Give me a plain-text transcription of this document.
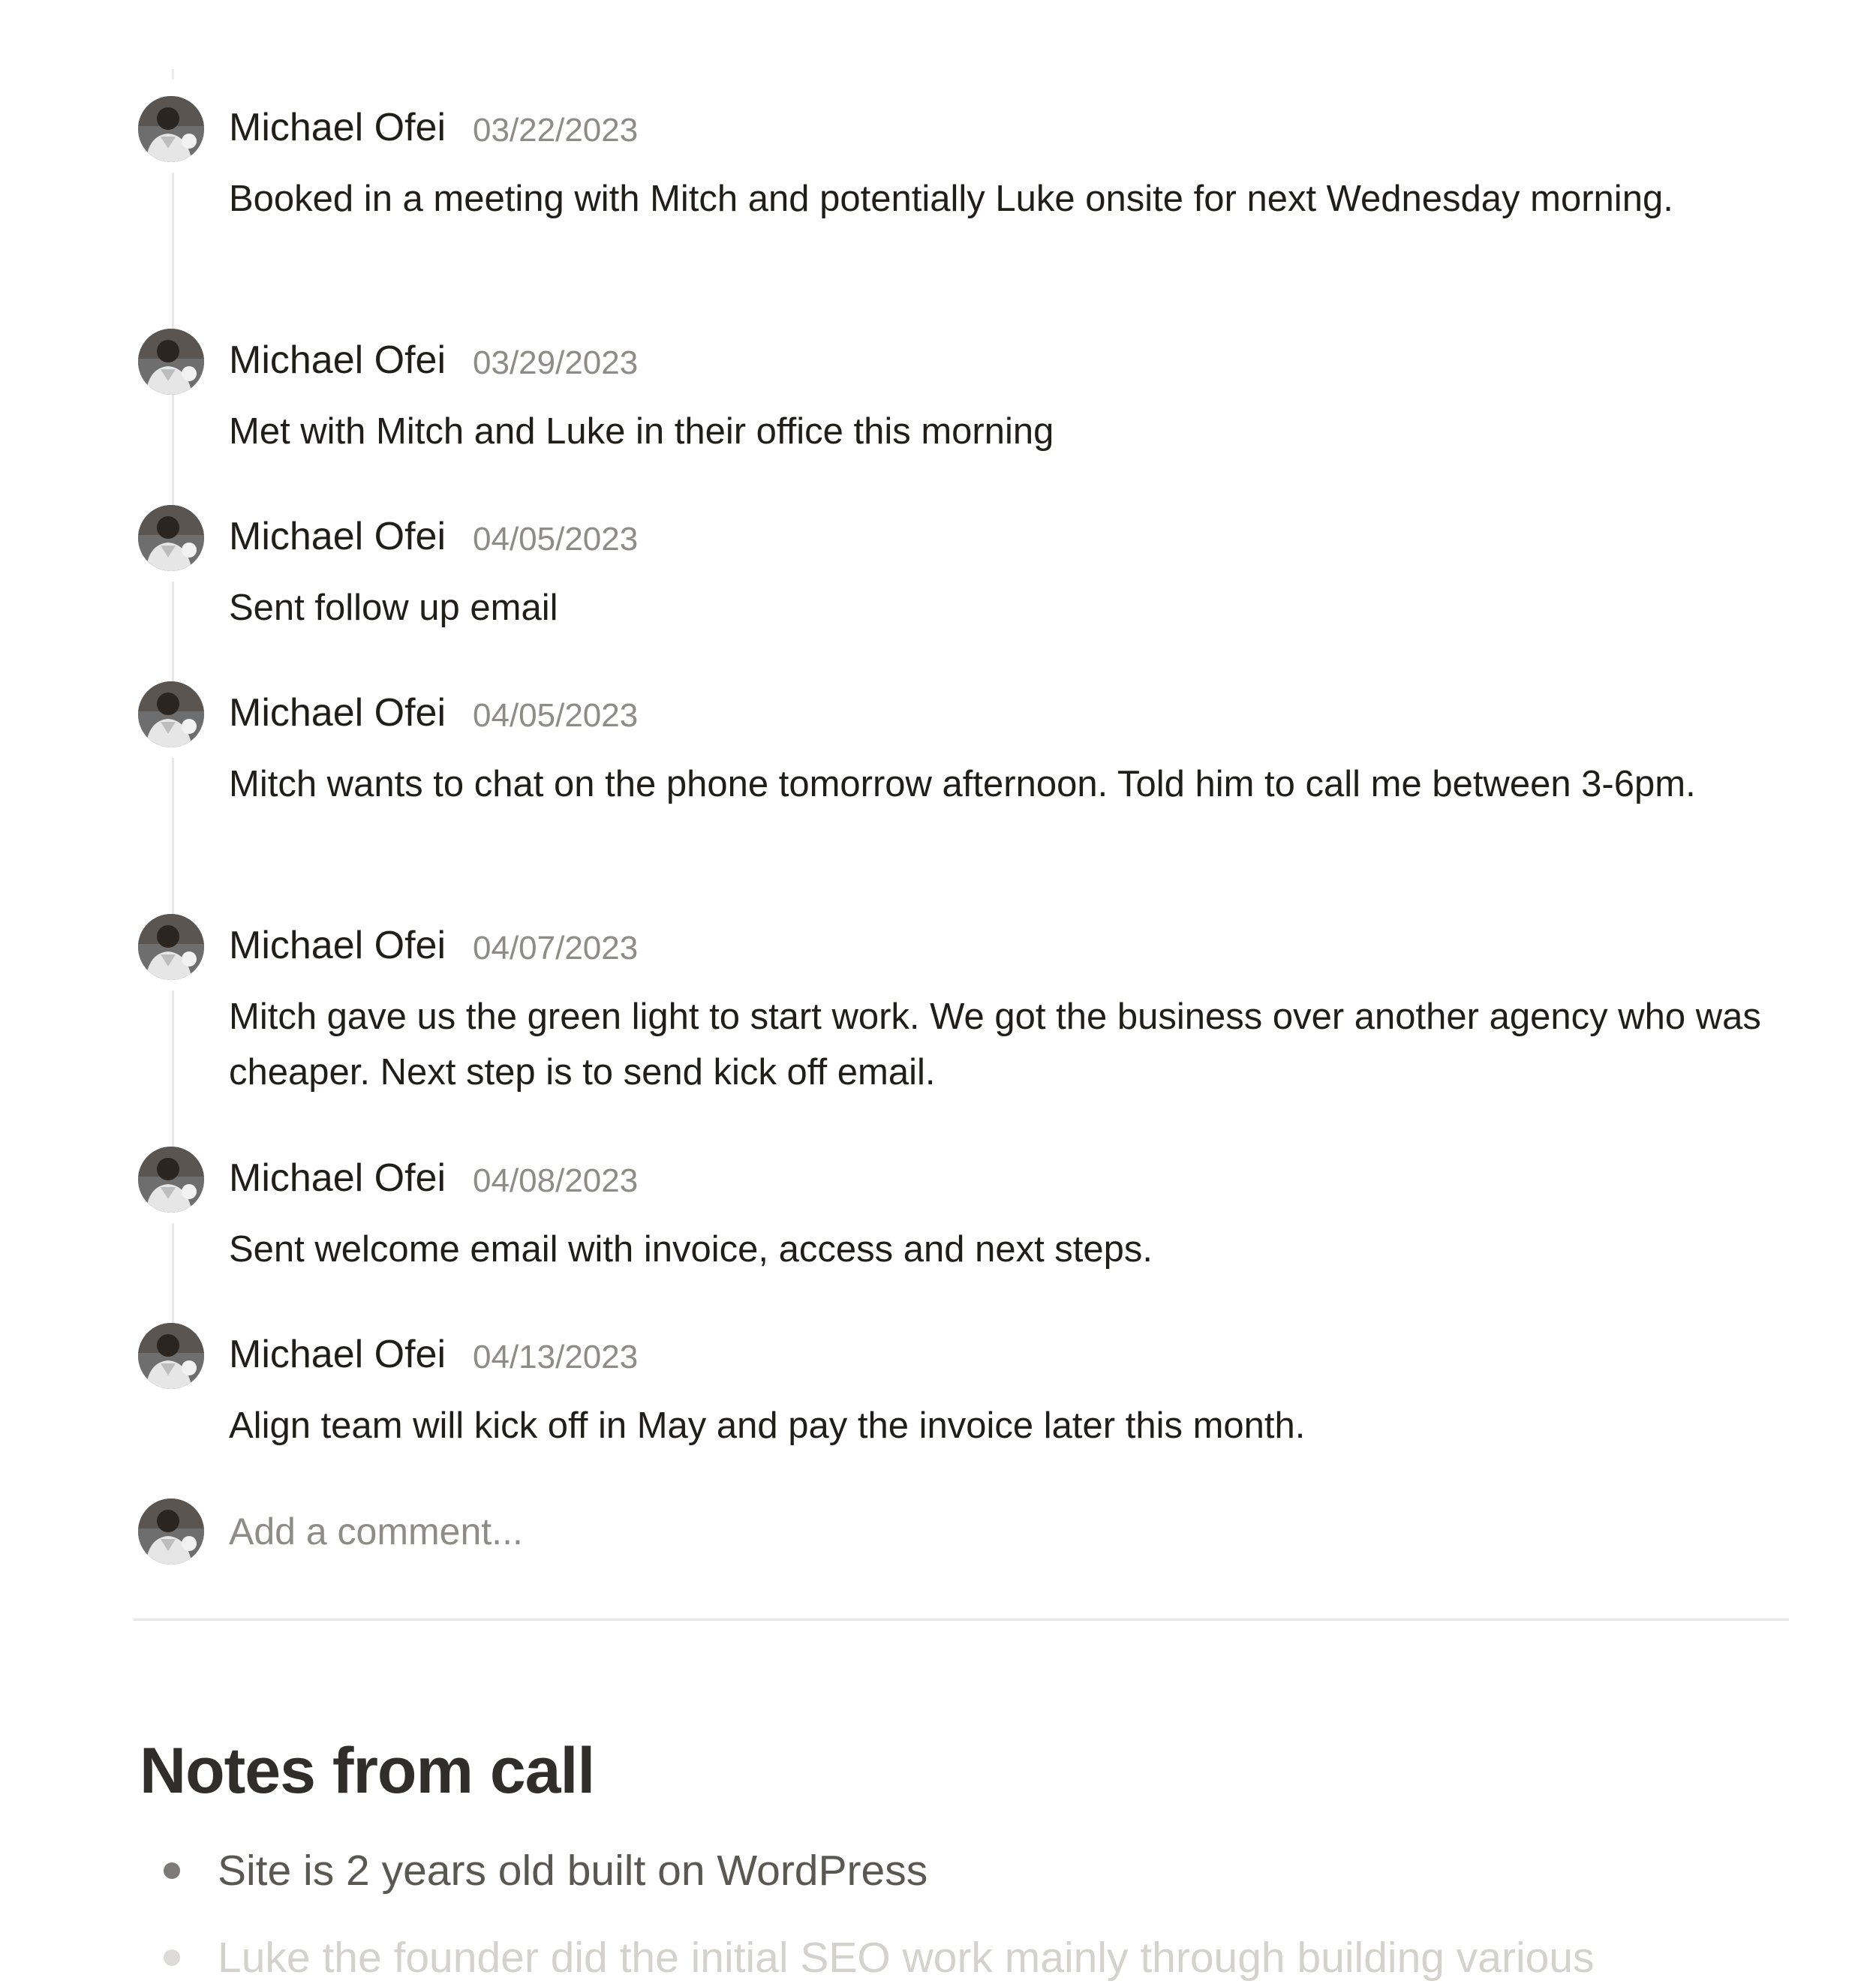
Michael Ofei 03/22/2023
Booked in a meeting with Mitch and potentially Luke onsite for next Wednesday morning.
Michael Ofei 03/29/2023
Met with Mitch and Luke in their office this morning
Michael Ofei 04/05/2023
Sent follow up email
Michael Ofei 04/05/2023
Mitch wants to chat on the phone tomorrow afternoon. Told him to call me between 3-6pm.
Michael Ofei 04/07/2023
Mitch gave us the green light to start work. We got the business over another agency who was cheaper. Next step is to send kick off email.
Michael Ofei 04/08/2023
Sent welcome email with invoice, access and next steps.
Michael Ofei 04/13/2023
Align team will kick off in May and pay the invoice later this month.
Add a comment...
Notes from call
Site is 2 years old built on WordPress
Luke the founder did the initial SEO work mainly through building various
